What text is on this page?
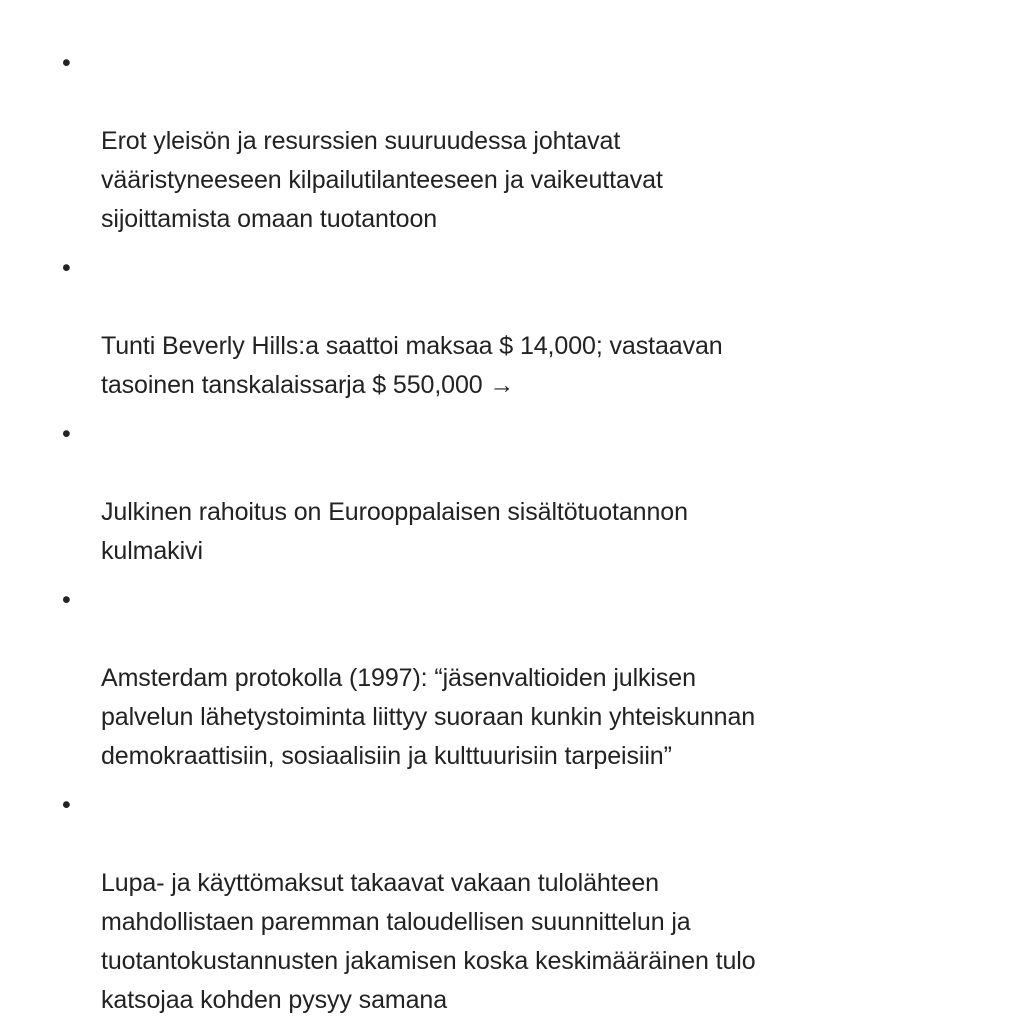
•

Erot yleisön ja resurssien suuruudessa johtavat
vääristyneeseen kilpailutilanteeseen ja vaikeuttavat
sijoittamista omaan tuotantoon

•

Tunti Beverly Hills:a saattoi maksaa $ 14,000; vastaavan
tasoinen tanskalaissarja $ 550,000 →

•

Julkinen rahoitus on Eurooppalaisen sisältötuotannon
kulmakivi

•

Amsterdam protokolla (1997): “jäsenvaltioiden julkisen
palvelun lähetystoiminta liittyy suoraan kunkin yhteiskunnan
demokraattisiin, sosiaalisiin ja kulttuurisiin tarpeisiin”

•

Lupa- ja käyttömaksut takaavat vakaan tulolähteen
mahdollistaen paremman taloudellisen suunnittelun ja
tuotantokustannusten jakamisen koska keskimääräinen tulo
katsojaa kohden pysyy samana
